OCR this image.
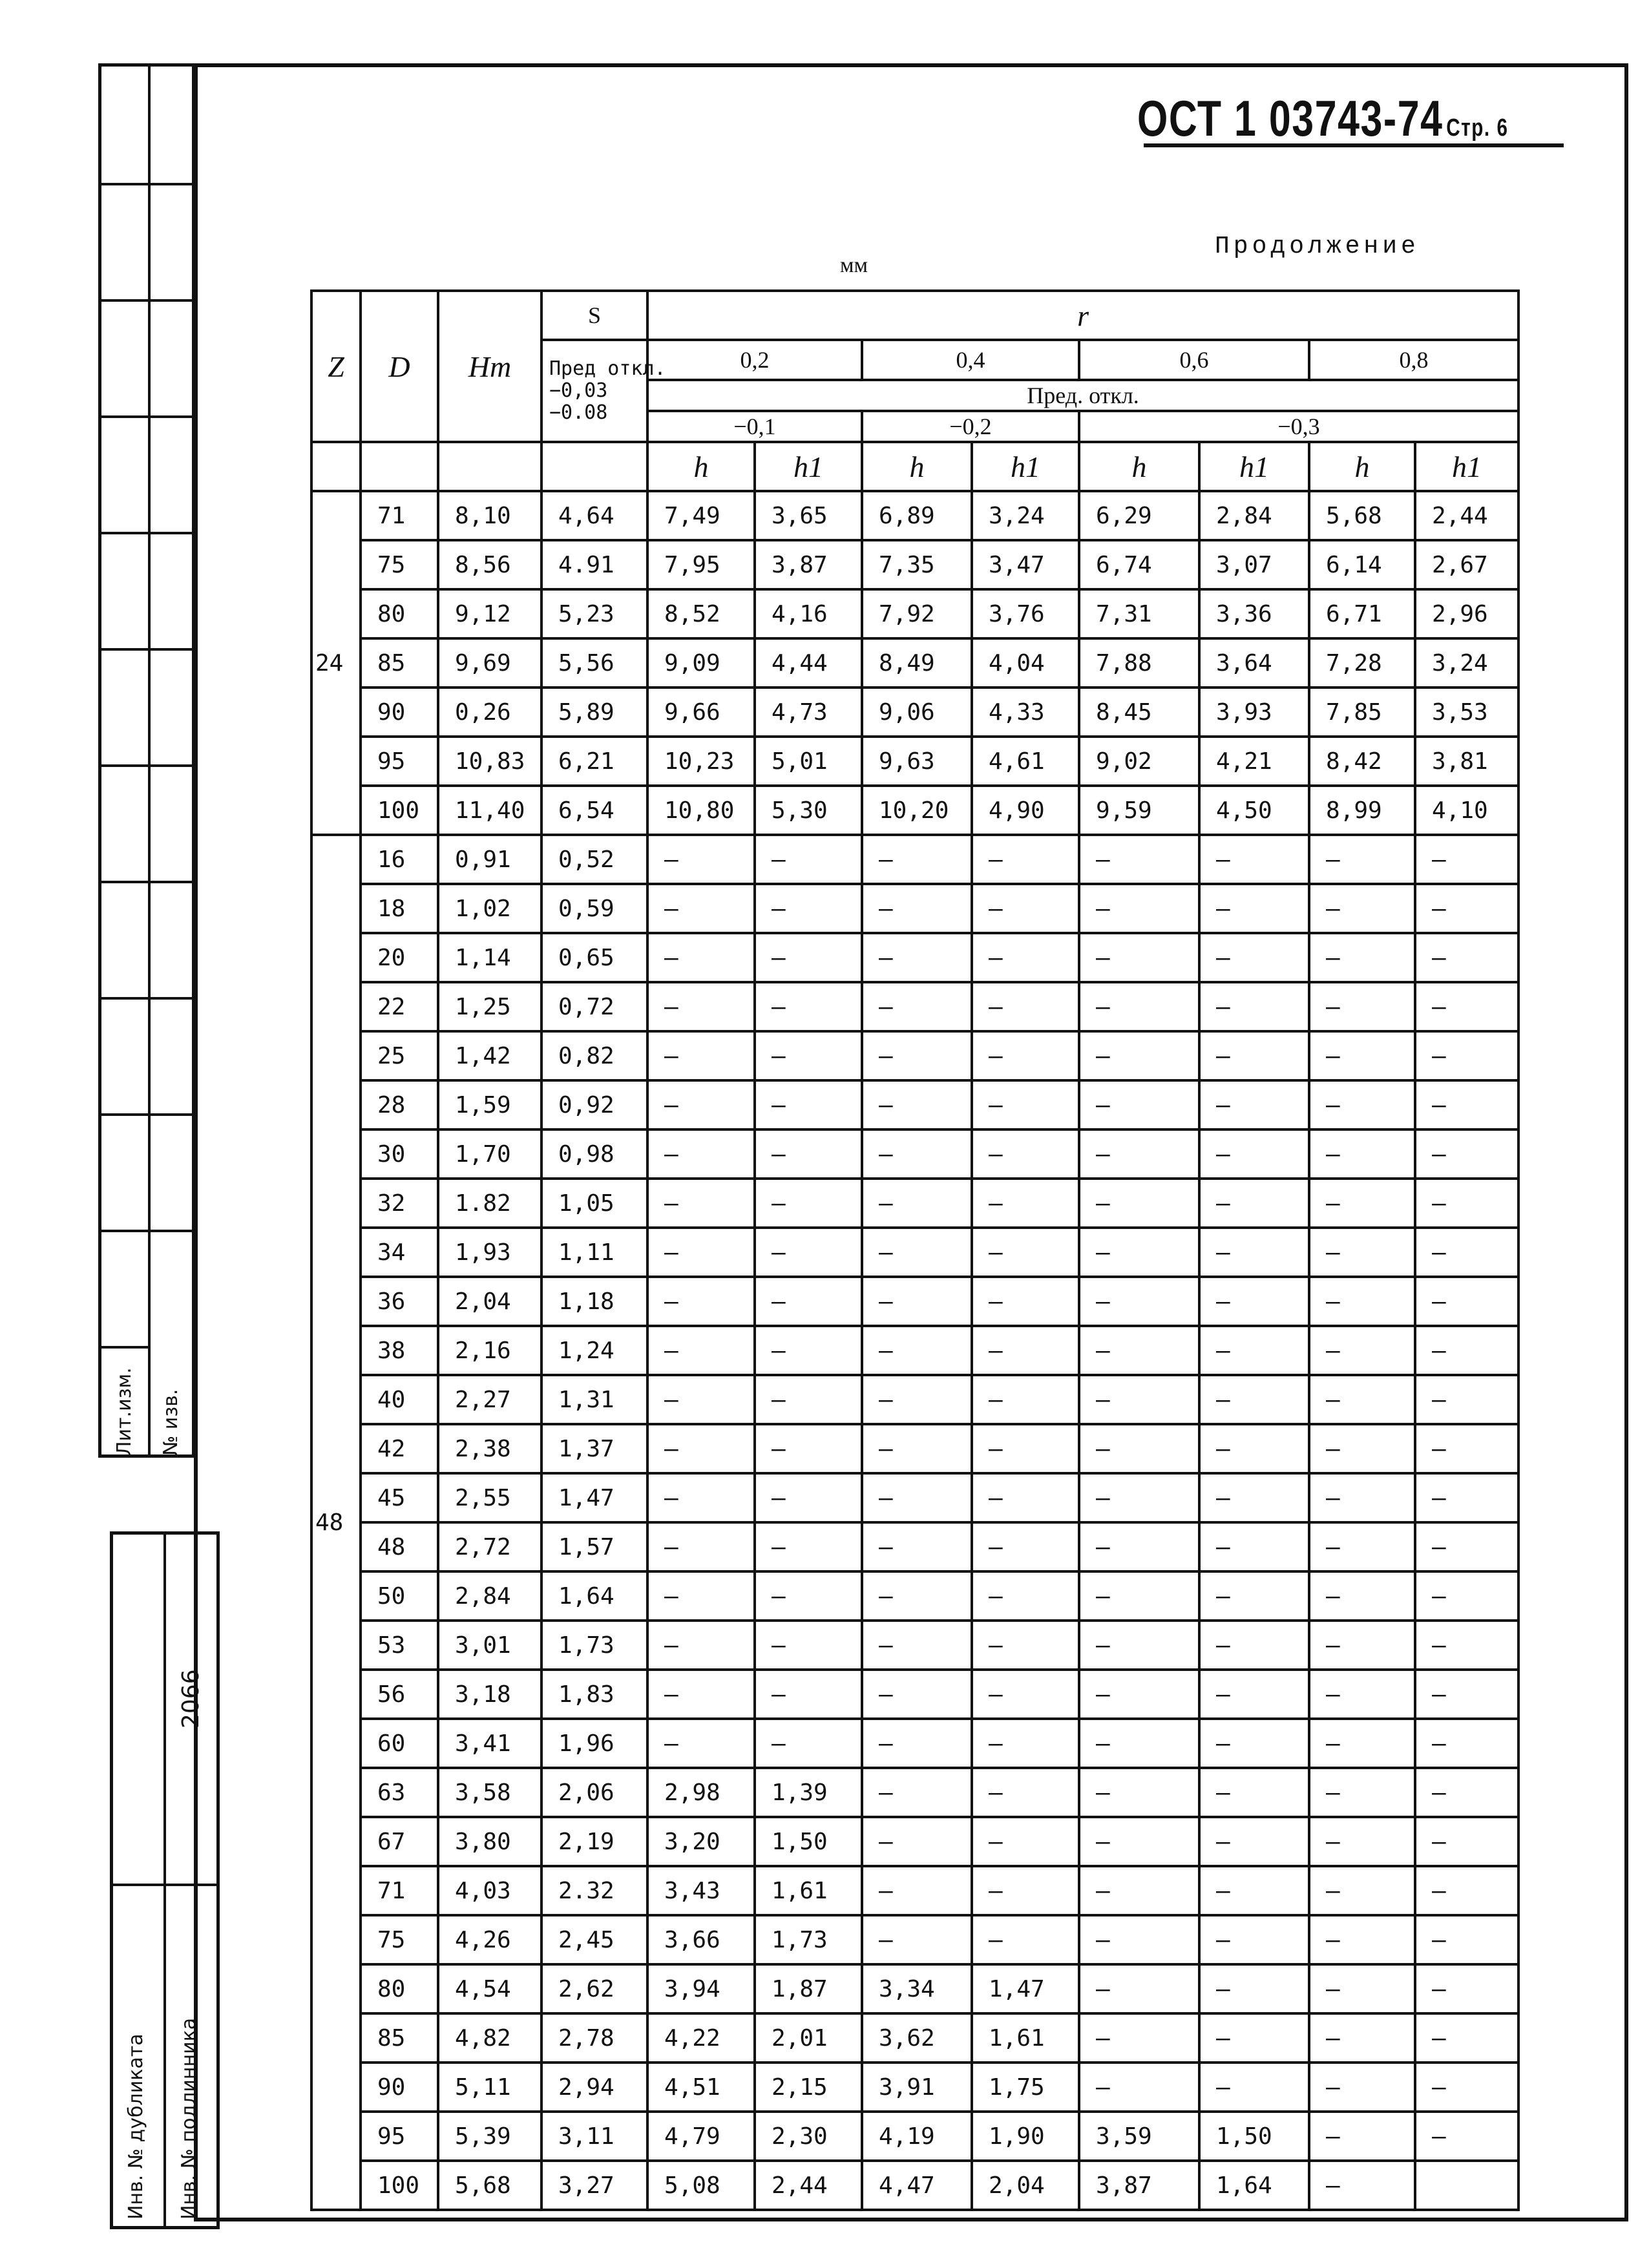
Лит.изм. № изв.
Инв. № дубликата Инв. № подлинника
2066
ОСТ 1 03743-74 Стр. 6
Продолжение
мм
Z	D	Hт	S	r							

			Пред откл.
−0,03
−0.08	0,2		0,4		0,6		0,8	
				Пред. откл.							
				−0,1		−0,2		−0,3			
				h	h1	h	h1	h	h1	h	h1
24	71	8,10	4,64	7,49	3,65	6,89	3,24	6,29	2,84	5,68	2,44
	75	8,56	4.91	7,95	3,87	7,35	3,47	6,74	3,07	6,14	2,67
	80	9,12	5,23	8,52	4,16	7,92	3,76	7,31	3,36	6,71	2,96
	85	9,69	5,56	9,09	4,44	8,49	4,04	7,88	3,64	7,28	3,24
	90	0,26	5,89	9,66	4,73	9,06	4,33	8,45	3,93	7,85	3,53
	95	10,83	6,21	10,23	5,01	9,63	4,61	9,02	4,21	8,42	3,81
	100	11,40	6,54	10,80	5,30	10,20	4,90	9,59	4,50	8,99	4,10
48	16	0,91	0,52	–	–	–	–	–	–	–	–
	18	1,02	0,59	–	–	–	–	–	–	–	–
	20	1,14	0,65	–	–	–	–	–	–	–	–
	22	1,25	0,72	–	–	–	–	–	–	–	–
	25	1,42	0,82	–	–	–	–	–	–	–	–
	28	1,59	0,92	–	–	–	–	–	–	–	–
	30	1,70	0,98	–	–	–	–	–	–	–	–
	32	1.82	1,05	–	–	–	–	–	–	–	–
	34	1,93	1,11	–	–	–	–	–	–	–	–
	36	2,04	1,18	–	–	–	–	–	–	–	–
	38	2,16	1,24	–	–	–	–	–	–	–	–
	40	2,27	1,31	–	–	–	–	–	–	–	–
	42	2,38	1,37	–	–	–	–	–	–	–	–
	45	2,55	1,47	–	–	–	–	–	–	–	–
	48	2,72	1,57	–	–	–	–	–	–	–	–
	50	2,84	1,64	–	–	–	–	–	–	–	–
	53	3,01	1,73	–	–	–	–	–	–	–	–
	56	3,18	1,83	–	–	–	–	–	–	–	–
	60	3,41	1,96	–	–	–	–	–	–	–	–
	63	3,58	2,06	2,98	1,39	–	–	–	–	–	–
	67	3,80	2,19	3,20	1,50	–	–	–	–	–	–
	71	4,03	2.32	3,43	1,61	–	–	–	–	–	–
	75	4,26	2,45	3,66	1,73	–	–	–	–	–	–
	80	4,54	2,62	3,94	1,87	3,34	1,47	–	–	–	–
	85	4,82	2,78	4,22	2,01	3,62	1,61	–	–	–	–
	90	5,11	2,94	4,51	2,15	3,91	1,75	–	–	–	–
	95	5,39	3,11	4,79	2,30	4,19	1,90	3,59	1,50	–	–
	100	5,68	3,27	5,08	2,44	4,47	2,04	3,87	1,64	–	
